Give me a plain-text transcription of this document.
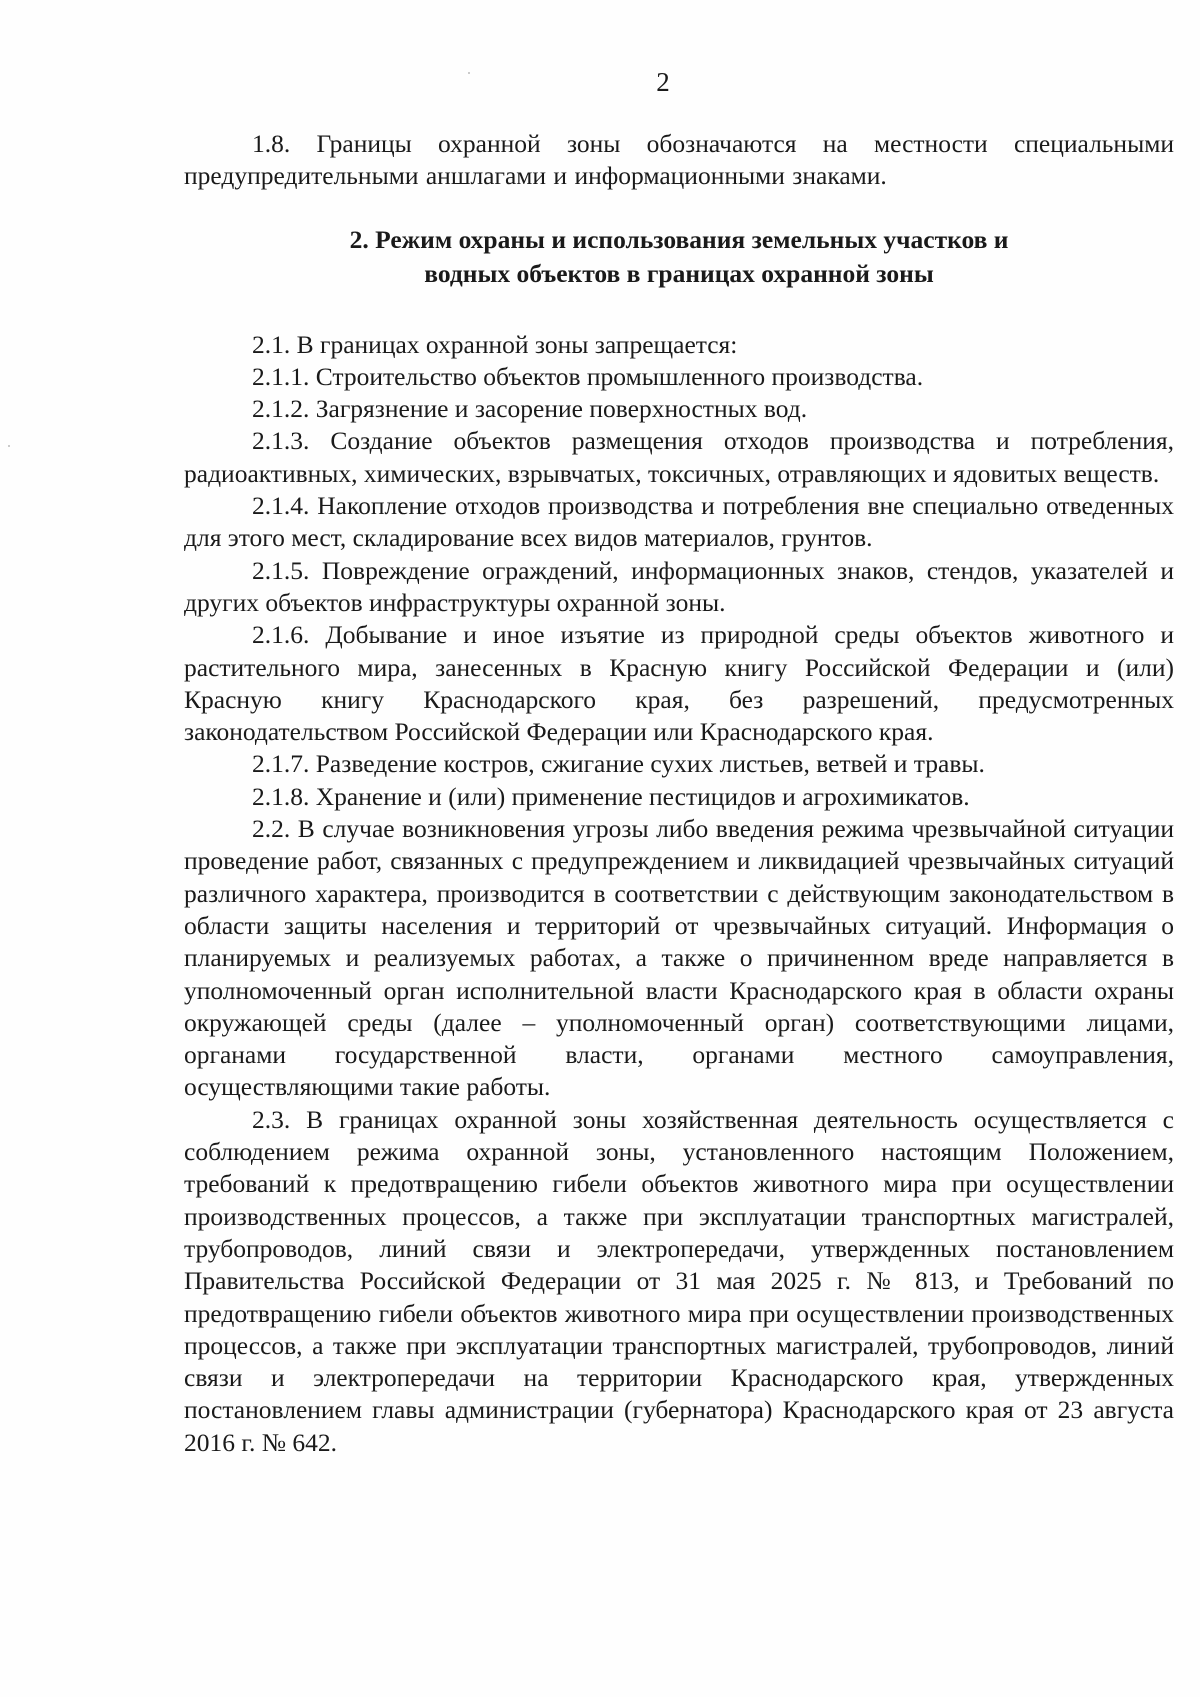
2

1.8. Границы охранной зоны обозначаются на местности специальными предупредительными аншлагами и информационными знаками.

2. Режим охраны и использования земельных участков и
водных объектов в границах охранной зоны

2.1. В границах охранной зоны запрещается:

2.1.1. Строительство объектов промышленного производства.

2.1.2. Загрязнение и засорение поверхностных вод.

2.1.3. Создание объектов размещения отходов производства и потребления, радиоактивных, химических, взрывчатых, токсичных, отравляющих и ядовитых веществ.

2.1.4. Накопление отходов производства и потребления вне специально отведенных для этого мест, складирование всех видов материалов, грунтов.

2.1.5. Повреждение ограждений, информационных знаков, стендов, указателей и других объектов инфраструктуры охранной зоны.

2.1.6. Добывание и иное изъятие из природной среды объектов животного и растительного мира, занесенных в Красную книгу Российской Федерации и (или) Красную книгу Краснодарского края, без разрешений, предусмотренных законодательством Российской Федерации или Краснодарского края.

2.1.7. Разведение костров, сжигание сухих листьев, ветвей и травы.

2.1.8. Хранение и (или) применение пестицидов и агрохимикатов.

2.2. В случае возникновения угрозы либо введения режима чрезвычайной ситуации проведение работ, связанных с предупреждением и ликвидацией чрезвычайных ситуаций различного характера, производится в соответствии с действующим законодательством в области защиты населения и территорий от чрезвычайных ситуаций. Информация о планируемых и реализуемых работах, а также о причиненном вреде направляется в уполномоченный орган исполнительной власти Краснодарского края в области охраны окружающей среды (далее – уполномоченный орган) соответствующими лицами, органами государственной власти, органами местного самоуправления, осуществляющими такие работы.

2.3. В границах охранной зоны хозяйственная деятельность осуществляется с соблюдением режима охранной зоны, установленного настоящим Положением, требований к предотвращению гибели объектов животного мира при осуществлении производственных процессов, а также при эксплуатации транспортных магистралей, трубопроводов, линий связи и электропередачи, утвержденных постановлением Правительства Российской Федерации от 31 мая 2025 г. № 813, и Требований по предотвращению гибели объектов животного мира при осуществлении производственных процессов, а также при эксплуатации транспортных магистралей, трубопроводов, линий связи и электропередачи на территории Краснодарского края, утвержденных постановлением главы администрации (губернатора) Краснодарского края от 23 августа 2016 г. № 642.
